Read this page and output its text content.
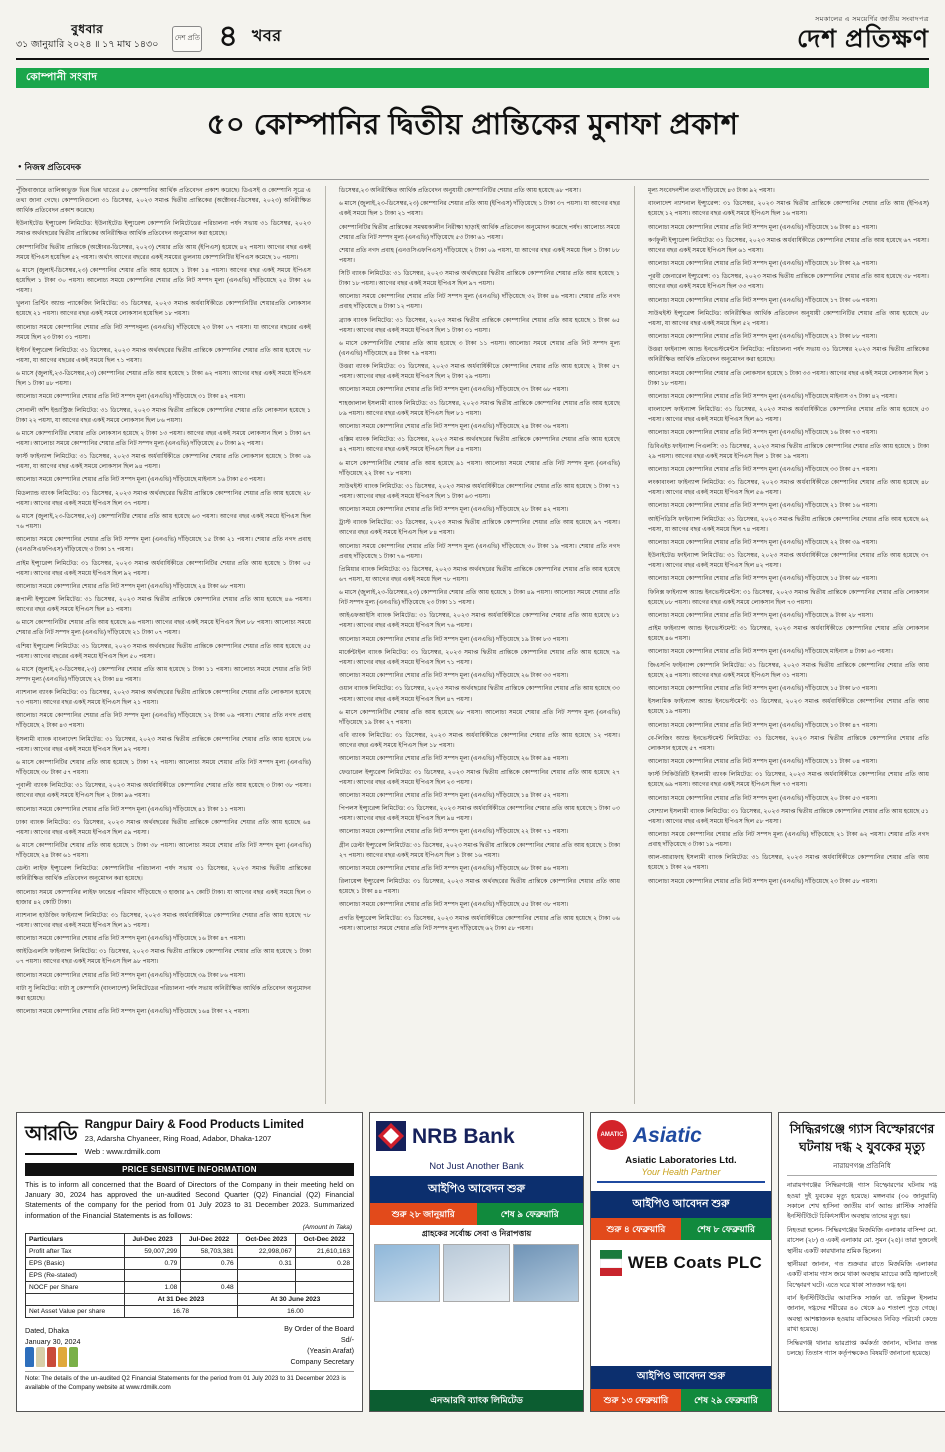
বুধবার
৩১ জানুয়ারি ২০২৪ ॥ ১৭ মাঘ ১৪৩০
দেশ প্রতি ৪ খবর
সমকালের এ সময়ের্ণির জাতীয় সংবাদপত্র
দেশ প্রতিক্ষণ
কোম্পানী সংবাদ
৫০ কোম্পানির দ্বিতীয় প্রান্তিকের মুনাফা প্রকাশ
● নিজস্ব প্রতিবেদক

পুঁজিবাজারে তালিকাভুক্ত ভিন্ন ভিন্ন খাতের ৫০ কোম্পানির আর্থিক প্রতিবেদন প্রকাশ করেছে। ডিএসই ও কোম্পানি সূত্রে এ তথ্য জানা গেছে। কোম্পানিগুলো ৩১ ডিসেম্বর, ২০২৩ সমাপ্ত দ্বিতীয় প্রান্তিকের (অক্টোবর-ডিসেম্বর, ২০২৩) অনিরীক্ষিত আর্থিক প্রতিবেদন প্রকাশ করেছে।

ইউনাইটেড ইন্স্যুরেন্স লিমিটেড: ইউনাইটেড ইন্স্যুরেন্স কোম্পানি লিমিটেডের পরিচালনা পর্ষদ সভায় ৩১ ডিসেম্বর, ২০২৩ সমাপ্ত অর্থবছরের দ্বিতীয় প্রান্তিকের অনিরীক্ষিত আর্থিক প্রতিবেদন অনুমোদন করা হয়েছে।

কোম্পানিটির দ্বিতীয় প্রান্তিকে (অক্টোবর-ডিসেম্বর, ২০২৩) শেয়ার প্রতি আয় (ইপিএস) হয়েছে ৪২ পয়সা। আগের বছর একই সময়ে ইপিএস হয়েছিল ৫২ পয়সা। অর্থাৎ আগের বছরের একই সময়ের তুলনায় কোম্পানিটির ইপিএস কমেছে ১০ পয়সা।

৬ মাসে (জুলাই-ডিসেম্বর,২৩) কোম্পানির শেয়ার প্রতি আয় হয়েছে ১ টাকা ১৪ পয়সা। আগের বছর একই সময়ে ইপিএস হয়েছিল ১ টাকা ৩০ পয়সা। আলোচ্য সময়ে কোম্পানির শেয়ার প্রতি নিট সম্পদ মূল্য (এনএভি) দাঁড়িয়েছে ২৫ টাকা ২৬ পয়সা।

খুলনা প্রিন্টিং অ্যান্ড প্যাকেজিং লিমিটেড: ৩১ ডিসেম্বর, ২০২৩ সমাপ্ত অর্ধবার্ষিকীতে কোম্পানিটির শেয়ারপ্রতি লোকসান হয়েছে ২১ পয়সা। আগের বছর একই সময়ে লোকসান হয়েছিল ১৮ পয়সা।

আলোচ্য সময়ে কোম্পানির শেয়ার প্রতি নিট সম্পদমূল্য (এনএভি) দাঁড়িয়েছে ২৩ টাকা ০৭ পয়সা। যা আগের বছরের একই সময়ে ছিল ২৩ টাকা ৩১ পয়সা।

ইস্টার্ন ইন্স্যুরেন্স লিমিটেড: ৩১ ডিসেম্বর, ২০২৩ সমাপ্ত অর্থবছরের দ্বিতীয় প্রান্তিকে কোম্পানির শেয়ার প্রতি আয় হয়েছে ৭৮ পয়সা, যা আগের বছরের একই সময়ে ছিল ৭১ পয়সা।

৬ মাসে (জুলাই,২৩-ডিসেম্বর,২৩) কোম্পানির শেয়ার প্রতি আয় হয়েছে ১ টাকা ৬২ পয়সা। আগের বছর একই সময়ে ইপিএস ছিল ১ টাকা ৪৮ পয়সা।

আলোচ্য সময়ে কোম্পানির শেয়ার প্রতি নিট সম্পদ মূল্য (এনএভি) দাঁড়িয়েছে ৩১ টাকা ৪২ পয়সা।

সোনালী আঁশ ইন্ডাস্ট্রিজ লিমিটেড: ৩১ ডিসেম্বর, ২০২৩ সমাপ্ত দ্বিতীয় প্রান্তিকে কোম্পানির শেয়ার প্রতি লোকসান হয়েছে ১ টাকা ২২ পয়সা, যা আগের বছর একই সময়ে লোকসান ছিল ৮৬ পয়সা।

৬ মাসে কোম্পানিটির শেয়ার প্রতি লোকসান হয়েছে ২ টাকা ১৩ পয়সা। আগের বছর একই সময়ে লোকসান ছিল ১ টাকা ৬৭ পয়সা। আলোচ্য সময়ে কোম্পানির শেয়ার প্রতি নিট সম্পদ মূল্য (এনএভি) দাঁড়িয়েছে ৫০ টাকা ৯২ পয়সা।

ফার্স্ট ফাইন্যান্স লিমিটেড: ৩১ ডিসেম্বর, ২০২৩ সমাপ্ত অর্ধবার্ষিকীতে কোম্পানির শেয়ার প্রতি লোকসান হয়েছে ১ টাকা ০৯ পয়সা, যা আগের বছর একই সময়ে লোকসান ছিল ৯৪ পয়সা।

আলোচ্য সময়ে কোম্পানির শেয়ার প্রতি নিট সম্পদ মূল্য (এনএভি) দাঁড়িয়েছে মাইনাস ১৬ টাকা ৫৩ পয়সা।

মিডল্যান্ড ব্যাংক লিমিটেড: ৩১ ডিসেম্বর, ২০২৩ সমাপ্ত অর্থবছরের দ্বিতীয় প্রান্তিকে কোম্পানির শেয়ার প্রতি আয় হয়েছে ২৮ পয়সা। আগের বছর একই সময়ে ইপিএস ছিল ৩৭ পয়সা।

৬ মাসে (জুলাই,২৩-ডিসেম্বর,২৩) কোম্পানিটির শেয়ার প্রতি আয় হয়েছে ৬৩ পয়সা। আগের বছর একই সময়ে ইপিএস ছিল ৭৬ পয়সা।

আলোচ্য সময়ে কোম্পানির শেয়ার প্রতি নিট সম্পদ মূল্য (এনএভি) দাঁড়িয়েছে ১৫ টাকা ২১ পয়সা। শেয়ার প্রতি নগদ প্রবাহ (এনওসিএফপিএস) দাঁড়িয়েছে ৩ টাকা ১৭ পয়সা।

প্রাইম ইন্স্যুরেন্স লিমিটেড: ৩১ ডিসেম্বর, ২০২৩ সমাপ্ত অর্ধবার্ষিকীতে কোম্পানিটির শেয়ার প্রতি আয় হয়েছে ১ টাকা ০৫ পয়সা। আগের বছর একই সময়ে ইপিএস ছিল ৯২ পয়সা।

আলোচ্য সময়ে কোম্পানির শেয়ার প্রতি নিট সম্পদ মূল্য (এনএভি) দাঁড়িয়েছে ২৪ টাকা ৬৮ পয়সা।

রূপালী ইন্স্যুরেন্স লিমিটেড: ৩১ ডিসেম্বর, ২০২৩ সমাপ্ত দ্বিতীয় প্রান্তিকে কোম্পানির শেয়ার প্রতি আয় হয়েছে ৪৬ পয়সা। আগের বছর একই সময়ে ইপিএস ছিল ৪১ পয়সা।

৬ মাসে কোম্পানিটির শেয়ার প্রতি আয় হয়েছে ৯৬ পয়সা। আগের বছর একই সময়ে ইপিএস ছিল ৮৮ পয়সা। আলোচ্য সময়ে শেয়ার প্রতি নিট সম্পদ মূল্য (এনএভি) দাঁড়িয়েছে ২১ টাকা ০৭ পয়সা।

এশিয়া ইন্স্যুরেন্স লিমিটেড: ৩১ ডিসেম্বর, ২০২৩ সমাপ্ত অর্থবছরের দ্বিতীয় প্রান্তিকে কোম্পানির শেয়ার প্রতি আয় হয়েছে ৫৫ পয়সা। আগের বছরের একই সময়ে ইপিএস ছিল ৫০ পয়সা।

৬ মাসে (জুলাই,২৩-ডিসেম্বর,২৩) কোম্পানির শেয়ার প্রতি আয় হয়েছে ১ টাকা ১১ পয়সা। আলোচ্য সময়ে শেয়ার প্রতি নিট সম্পদ মূল্য (এনএভি) দাঁড়িয়েছে ২২ টাকা ৪৪ পয়সা।

ন্যাশনাল ব্যাংক লিমিটেড: ৩১ ডিসেম্বর, ২০২৩ সমাপ্ত অর্থবছরের দ্বিতীয় প্রান্তিকে কোম্পানির শেয়ার প্রতি লোকসান হয়েছে ৭৩ পয়সা। আগের বছর একই সময়ে ইপিএস ছিল ২১ পয়সা।

আলোচ্য সময়ে কোম্পানির শেয়ার প্রতি নিট সম্পদ মূল্য (এনএভি) দাঁড়িয়েছে ১২ টাকা ০৯ পয়সা। শেয়ার প্রতি নগদ প্রবাহ দাঁড়িয়েছে ২ টাকা ৪৩ পয়সা।

ইসলামী ব্যাংক বাংলাদেশ লিমিটেড: ৩১ ডিসেম্বর, ২০২৩ সমাপ্ত দ্বিতীয় প্রান্তিকে কোম্পানির শেয়ার প্রতি আয় হয়েছে ৮৬ পয়সা। আগের বছর একই সময়ে ইপিএস ছিল ৯২ পয়সা।

৬ মাসে কোম্পানিটির শেয়ার প্রতি আয় হয়েছে ১ টাকা ৭২ পয়সা। আলোচ্য সময়ে শেয়ার প্রতি নিট সম্পদ মূল্য (এনএভি) দাঁড়িয়েছে ৩৮ টাকা ৫৭ পয়সা।

পূবালী ব্যাংক লিমিটেড: ৩১ ডিসেম্বর, ২০২৩ সমাপ্ত অর্ধবার্ষিকীতে কোম্পানির শেয়ার প্রতি আয় হয়েছে ৩ টাকা ৩৮ পয়সা। আগের বছর একই সময়ে ইপিএস ছিল ২ টাকা ৯৬ পয়সা।

আলোচ্য সময়ে কোম্পানির শেয়ার প্রতি নিট সম্পদ মূল্য (এনএভি) দাঁড়িয়েছে ৪১ টাকা ১১ পয়সা।

ঢাকা ব্যাংক লিমিটেড: ৩১ ডিসেম্বর, ২০২৩ সমাপ্ত অর্থবছরের দ্বিতীয় প্রান্তিকে কোম্পানির শেয়ার প্রতি আয় হয়েছে ৬৪ পয়সা। আগের বছর একই সময়ে ইপিএস ছিল ৫৯ পয়সা।

৬ মাসে কোম্পানিটির শেয়ার প্রতি আয় হয়েছে ১ টাকা ৩৮ পয়সা। আলোচ্য সময়ে শেয়ার প্রতি নিট সম্পদ মূল্য (এনএভি) দাঁড়িয়েছে ২৪ টাকা ৬১ পয়সা।

ডেল্টা লাইফ ইন্স্যুরেন্স লিমিটেড: কোম্পানিটির পরিচালনা পর্ষদ সভায় ৩১ ডিসেম্বর, ২০২৩ সমাপ্ত দ্বিতীয় প্রান্তিকের অনিরীক্ষিত আর্থিক প্রতিবেদন অনুমোদন করা হয়েছে।

আলোচ্য সময়ে কোম্পানির লাইফ ফান্ডের পরিমাণ দাঁড়িয়েছে ৩ হাজার ৯৭ কোটি টাকা। যা আগের বছর একই সময়ে ছিল ৩ হাজার ৪২ কোটি টাকা।

ন্যাশনাল হাউজিং ফাইন্যান্স লিমিটেড: ৩১ ডিসেম্বর, ২০২৩ সমাপ্ত অর্ধবার্ষিকীতে কোম্পানির শেয়ার প্রতি আয় হয়েছে ৭৮ পয়সা। আগের বছর একই সময়ে ইপিএস ছিল ৯১ পয়সা।

আলোচ্য সময়ে কোম্পানির শেয়ার প্রতি নিট সম্পদ মূল্য (এনএভি) দাঁড়িয়েছে ১৬ টাকা ৪৭ পয়সা।

আইডিএলসি ফাইন্যান্স লিমিটেড: ৩১ ডিসেম্বর, ২০২৩ সমাপ্ত দ্বিতীয় প্রান্তিকে কোম্পানির শেয়ার প্রতি আয় হয়েছে ১ টাকা ০৭ পয়সা। আগের বছর একই সময়ে ইপিএস ছিল ৯৮ পয়সা।

আলোচ্য সময়ে কোম্পানির শেয়ার প্রতি নিট সম্পদ মূল্য (এনএভি) দাঁড়িয়েছে ৩৯ টাকা ৮৬ পয়সা।

বাটা সু লিমিটেড: বাটা সু কোম্পানি (বাংলাদেশ) লিমিটেডের পরিচালনা পর্ষদ সভায় অনিরীক্ষিত আর্থিক প্রতিবেদন অনুমোদন করা হয়েছে।

আলোচ্য সময়ে কোম্পানির শেয়ার প্রতি নিট সম্পদ মূল্য (এনএভি) দাঁড়িয়েছে ১৬৪ টাকা ৭২ পয়সা।

ডিসেম্বর,২৩ অনিরীক্ষিত আর্থিক প্রতিবেদন অনুযায়ী কোম্পানিটির শেয়ার প্রতি আয় হয়েছে ৬৮ পয়সা।

৬ মাসে (জুলাই,২৩-ডিসেম্বর,২৩) কোম্পানির শেয়ার প্রতি আয় (ইপিএস) দাঁড়িয়েছে ১ টাকা ৩৭ পয়সা। যা আগের বছর একই সময়ে ছিল ১ টাকা ২১ পয়সা।

কোম্পানিটির দ্বিতীয় প্রান্তিকের সমন্বয়কালীন নিরীক্ষা ছাড়াই আর্থিক প্রতিবেদন অনুমোদন করেছে পর্ষদ। আলোচ্য সময়ে শেয়ার প্রতি নিট সম্পদ মূল্য (এনএভি) দাঁড়িয়েছে ৫৩ টাকা ৬১ পয়সা।

শেয়ার প্রতি নগদ প্রবাহ (এনওসিএফপিএস) দাঁড়িয়েছে ২ টাকা ০৯ পয়সা, যা আগের বছর একই সময়ে ছিল ১ টাকা ৮৮ পয়সা।

সিটি ব্যাংক লিমিটেড: ৩১ ডিসেম্বর, ২০২৩ সমাপ্ত অর্থবছরের দ্বিতীয় প্রান্তিকে কোম্পানির শেয়ার প্রতি আয় হয়েছে ১ টাকা ১৮ পয়সা। আগের বছর একই সময়ে ইপিএস ছিল ৯৭ পয়সা।

আলোচ্য সময়ে কোম্পানির শেয়ার প্রতি নিট সম্পদ মূল্য (এনএভি) দাঁড়িয়েছে ৩২ টাকা ৪৬ পয়সা। শেয়ার প্রতি নগদ প্রবাহ দাঁড়িয়েছে ৪ টাকা ১২ পয়সা।

ব্র্যাক ব্যাংক লিমিটেড: ৩১ ডিসেম্বর, ২০২৩ সমাপ্ত দ্বিতীয় প্রান্তিকে কোম্পানির শেয়ার প্রতি আয় হয়েছে ১ টাকা ৬৫ পয়সা। আগের বছর একই সময়ে ইপিএস ছিল ১ টাকা ৩১ পয়সা।

৬ মাসে কোম্পানিটির শেয়ার প্রতি আয় হয়েছে ৩ টাকা ১১ পয়সা। আলোচ্য সময়ে শেয়ার প্রতি নিট সম্পদ মূল্য (এনএভি) দাঁড়িয়েছে ৪৪ টাকা ৭৯ পয়সা।

উত্তরা ব্যাংক লিমিটেড: ৩১ ডিসেম্বর, ২০২৩ সমাপ্ত অর্ধবার্ষিকীতে কোম্পানির শেয়ার প্রতি আয় হয়েছে ২ টাকা ৫৭ পয়সা। আগের বছর একই সময়ে ইপিএস ছিল ২ টাকা ২৯ পয়সা।

আলোচ্য সময়ে কোম্পানির শেয়ার প্রতি নিট সম্পদ মূল্য (এনএভি) দাঁড়িয়েছে ৩৭ টাকা ৬৮ পয়সা।

শাহজালাল ইসলামী ব্যাংক লিমিটেড: ৩১ ডিসেম্বর, ২০২৩ সমাপ্ত দ্বিতীয় প্রান্তিকে কোম্পানির শেয়ার প্রতি আয় হয়েছে ৮৯ পয়সা। আগের বছর একই সময়ে ইপিএস ছিল ৮১ পয়সা।

আলোচ্য সময়ে কোম্পানির শেয়ার প্রতি নিট সম্পদ মূল্য (এনএভি) দাঁড়িয়েছে ২৪ টাকা ৩৬ পয়সা।

এক্সিম ব্যাংক লিমিটেড: ৩১ ডিসেম্বর, ২০২৩ সমাপ্ত অর্থবছরের দ্বিতীয় প্রান্তিকে কোম্পানির শেয়ার প্রতি আয় হয়েছে ৪২ পয়সা। আগের বছর একই সময়ে ইপিএস ছিল ৫৪ পয়সা।

৬ মাসে কোম্পানিটির শেয়ার প্রতি আয় হয়েছে ৯১ পয়সা। আলোচ্য সময়ে শেয়ার প্রতি নিট সম্পদ মূল্য (এনএভি) দাঁড়িয়েছে ২২ টাকা ৭৮ পয়সা।

সাউথইস্ট ব্যাংক লিমিটেড: ৩১ ডিসেম্বর, ২০২৩ সমাপ্ত অর্ধবার্ষিকীতে কোম্পানির শেয়ার প্রতি আয় হয়েছে ১ টাকা ৭১ পয়সা। আগের বছর একই সময়ে ইপিএস ছিল ১ টাকা ৬৩ পয়সা।

আলোচ্য সময়ে কোম্পানির শেয়ার প্রতি নিট সম্পদ মূল্য (এনএভি) দাঁড়িয়েছে ২৮ টাকা ৪২ পয়সা।

ট্রাস্ট ব্যাংক লিমিটেড: ৩১ ডিসেম্বর, ২০২৩ সমাপ্ত দ্বিতীয় প্রান্তিকে কোম্পানির শেয়ার প্রতি আয় হয়েছে ৯৭ পয়সা। আগের বছর একই সময়ে ইপিএস ছিল ৮৪ পয়সা।

আলোচ্য সময়ে কোম্পানির শেয়ার প্রতি নিট সম্পদ মূল্য (এনএভি) দাঁড়িয়েছে ৩০ টাকা ১৯ পয়সা। শেয়ার প্রতি নগদ প্রবাহ দাঁড়িয়েছে ১ টাকা ৭৬ পয়সা।

প্রিমিয়ার ব্যাংক লিমিটেড: ৩১ ডিসেম্বর, ২০২৩ সমাপ্ত অর্থবছরের দ্বিতীয় প্রান্তিকে কোম্পানির শেয়ার প্রতি আয় হয়েছে ৬৭ পয়সা, যা আগের বছর একই সময়ে ছিল ৭৮ পয়সা।

৬ মাসে (জুলাই,২৩-ডিসেম্বর,২৩) কোম্পানির শেয়ার প্রতি আয় হয়েছে ১ টাকা ৪৯ পয়সা। আলোচ্য সময়ে শেয়ার প্রতি নিট সম্পদ মূল্য (এনএভি) দাঁড়িয়েছে ২৩ টাকা ১১ পয়সা।

আইএফআইসি ব্যাংক লিমিটেড: ৩১ ডিসেম্বর, ২০২৩ সমাপ্ত অর্ধবার্ষিকীতে কোম্পানির শেয়ার প্রতি আয় হয়েছে ৮১ পয়সা। আগের বছর একই সময়ে ইপিএস ছিল ৭৬ পয়সা।

আলোচ্য সময়ে কোম্পানির শেয়ার প্রতি নিট সম্পদ মূল্য (এনএভি) দাঁড়িয়েছে ১৯ টাকা ৮৩ পয়সা।

মার্কেন্টাইল ব্যাংক লিমিটেড: ৩১ ডিসেম্বর, ২০২৩ সমাপ্ত দ্বিতীয় প্রান্তিকে কোম্পানির শেয়ার প্রতি আয় হয়েছে ৭৯ পয়সা। আগের বছর একই সময়ে ইপিএস ছিল ৭১ পয়সা।

আলোচ্য সময়ে কোম্পানির শেয়ার প্রতি নিট সম্পদ মূল্য (এনএভি) দাঁড়িয়েছে ২৬ টাকা ৩৩ পয়সা।

ওয়ান ব্যাংক লিমিটেড: ৩১ ডিসেম্বর, ২০২৩ সমাপ্ত অর্থবছরের দ্বিতীয় প্রান্তিকে কোম্পানির শেয়ার প্রতি আয় হয়েছে ৩৩ পয়সা। আগের বছর একই সময়ে ইপিএস ছিল ৪৭ পয়সা।

৬ মাসে কোম্পানিটির শেয়ার প্রতি আয় হয়েছে ৬৮ পয়সা। আলোচ্য সময়ে শেয়ার প্রতি নিট সম্পদ মূল্য (এনএভি) দাঁড়িয়েছে ১৯ টাকা ২৭ পয়সা।

এবি ব্যাংক লিমিটেড: ৩১ ডিসেম্বর, ২০২৩ সমাপ্ত অর্ধবার্ষিকীতে কোম্পানির শেয়ার প্রতি আয় হয়েছে ১২ পয়সা। আগের বছর একই সময়ে ইপিএস ছিল ১৮ পয়সা।

আলোচ্য সময়ে কোম্পানির শেয়ার প্রতি নিট সম্পদ মূল্য (এনএভি) দাঁড়িয়েছে ২৬ টাকা ৯৪ পয়সা।

ফেডারেল ইন্স্যুরেন্স লিমিটেড: ৩১ ডিসেম্বর, ২০২৩ সমাপ্ত দ্বিতীয় প্রান্তিকে কোম্পানির শেয়ার প্রতি আয় হয়েছে ২৭ পয়সা। আগের বছর একই সময়ে ইপিএস ছিল ২৩ পয়সা।

আলোচ্য সময়ে কোম্পানির শেয়ার প্রতি নিট সম্পদ মূল্য (এনএভি) দাঁড়িয়েছে ১৪ টাকা ৫২ পয়সা।

পিপলস ইন্স্যুরেন্স লিমিটেড: ৩১ ডিসেম্বর, ২০২৩ সমাপ্ত অর্ধবার্ষিকীতে কোম্পানির শেয়ার প্রতি আয় হয়েছে ১ টাকা ০৩ পয়সা। আগের বছর একই সময়ে ইপিএস ছিল ৯৪ পয়সা।

আলোচ্য সময়ে কোম্পানির শেয়ার প্রতি নিট সম্পদ মূল্য (এনএভি) দাঁড়িয়েছে ২২ টাকা ৭১ পয়সা।

গ্রীন ডেল্টা ইন্স্যুরেন্স লিমিটেড: ৩১ ডিসেম্বর, ২০২৩ সমাপ্ত দ্বিতীয় প্রান্তিকে কোম্পানির শেয়ার প্রতি আয় হয়েছে ১ টাকা ২৭ পয়সা। আগের বছর একই সময়ে ইপিএস ছিল ১ টাকা ১৬ পয়সা।

আলোচ্য সময়ে কোম্পানির শেয়ার প্রতি নিট সম্পদ মূল্য (এনএভি) দাঁড়িয়েছে ৬৮ টাকা ৪৬ পয়সা।

রিলায়েন্স ইন্স্যুরেন্স লিমিটেড: ৩১ ডিসেম্বর, ২০২৩ সমাপ্ত অর্থবছরের দ্বিতীয় প্রান্তিকে কোম্পানির শেয়ার প্রতি আয় হয়েছে ১ টাকা ৪৪ পয়সা।

আলোচ্য সময়ে কোম্পানির শেয়ার প্রতি নিট সম্পদ মূল্য (এনএভি) দাঁড়িয়েছে ৫৫ টাকা ৩৮ পয়সা।

প্রগতি ইন্স্যুরেন্স লিমিটেড: ৩১ ডিসেম্বর, ২০২৩ সমাপ্ত অর্ধবার্ষিকীতে কোম্পানির শেয়ার প্রতি আয় হয়েছে ২ টাকা ০৬ পয়সা। আলোচ্য সময়ে শেয়ার প্রতি নিট সম্পদ মূল্য দাঁড়িয়েছে ৬২ টাকা ৫৮ পয়সা।

মূল্য সংবেদনশীল তথ্য দাঁড়িয়েছে ৪৩ টাকা ৯২ পয়সা।

বাংলাদেশ ন্যাশনাল ইন্স্যুরেন্স: ৩১ ডিসেম্বর, ২০২৩ সমাপ্ত দ্বিতীয় প্রান্তিকে কোম্পানির শেয়ার প্রতি আয় (ইপিএস) হয়েছে ১২ পয়সা। আগের বছর একই সময়ে ইপিএস ছিল ১৬ পয়সা।

আলোচ্য সময়ে কোম্পানির শেয়ার প্রতি নিট সম্পদ মূল্য (এনএভি) দাঁড়িয়েছে ১৬ টাকা ৪১ পয়সা।

কর্ণফুলী ইন্স্যুরেন্স লিমিটেড: ৩১ ডিসেম্বর, ২০২৩ সমাপ্ত অর্ধবার্ষিকীতে কোম্পানির শেয়ার প্রতি আয় হয়েছে ৬৭ পয়সা। আগের বছর একই সময়ে ইপিএস ছিল ৬১ পয়সা।

আলোচ্য সময়ে কোম্পানির শেয়ার প্রতি নিট সম্পদ মূল্য (এনএভি) দাঁড়িয়েছে ১৮ টাকা ২৯ পয়সা।

পূরবী জেনারেল ইন্স্যুরেন্স: ৩১ ডিসেম্বর, ২০২৩ সমাপ্ত দ্বিতীয় প্রান্তিকে কোম্পানির শেয়ার প্রতি আয় হয়েছে ৩৮ পয়সা। আগের বছর একই সময়ে ইপিএস ছিল ৩৩ পয়সা।

আলোচ্য সময়ে কোম্পানির শেয়ার প্রতি নিট সম্পদ মূল্য (এনএভি) দাঁড়িয়েছে ১৭ টাকা ০৬ পয়সা।

সাউথইস্ট ইন্স্যুরেন্স লিমিটেড: অনিরীক্ষিত আর্থিক প্রতিবেদন অনুযায়ী কোম্পানিটির শেয়ার প্রতি আয় হয়েছে ৫৮ পয়সা, যা আগের বছর একই সময়ে ছিল ৫২ পয়সা।

আলোচ্য সময়ে কোম্পানির শেয়ার প্রতি নিট সম্পদ মূল্য (এনএভি) দাঁড়িয়েছে ২১ টাকা ৮৮ পয়সা।

উত্তরা ফাইন্যান্স অ্যান্ড ইনভেস্টমেন্টস লিমিটেড: পরিচালনা পর্ষদ সভায় ৩১ ডিসেম্বর ২০২৩ সমাপ্ত দ্বিতীয় প্রান্তিকের অনিরীক্ষিত আর্থিক প্রতিবেদন অনুমোদন করা হয়েছে।

আলোচ্য সময়ে কোম্পানির শেয়ার প্রতি লোকসান হয়েছে ১ টাকা ৩৩ পয়সা। আগের বছর একই সময়ে লোকসান ছিল ১ টাকা ১৮ পয়সা।

আলোচ্য সময়ে কোম্পানির শেয়ার প্রতি নিট সম্পদ মূল্য (এনএভি) দাঁড়িয়েছে মাইনাস ৩৭ টাকা ৪২ পয়সা।

বাংলাদেশ ফাইন্যান্স লিমিটেড: ৩১ ডিসেম্বর, ২০২৩ সমাপ্ত অর্ধবার্ষিকীতে কোম্পানির শেয়ার প্রতি আয় হয়েছে ৫৩ পয়সা। আগের বছর একই সময়ে ইপিএস ছিল ৬১ পয়সা।

আলোচ্য সময়ে কোম্পানির শেয়ার প্রতি নিট সম্পদ মূল্য (এনএভি) দাঁড়িয়েছে ১৬ টাকা ৭৩ পয়সা।

ডিবিএইচ ফাইন্যান্স পিএলসি: ৩১ ডিসেম্বর, ২০২৩ সমাপ্ত দ্বিতীয় প্রান্তিকে কোম্পানির শেয়ার প্রতি আয় হয়েছে ১ টাকা ২৯ পয়সা। আগের বছর একই সময়ে ইপিএস ছিল ১ টাকা ১৯ পয়সা।

আলোচ্য সময়ে কোম্পানির শেয়ার প্রতি নিট সম্পদ মূল্য (এনএভি) দাঁড়িয়েছে ৩৩ টাকা ৫৭ পয়সা।

লংকাবাংলা ফাইন্যান্স লিমিটেড: ৩১ ডিসেম্বর, ২০২৩ সমাপ্ত অর্ধবার্ষিকীতে কোম্পানির শেয়ার প্রতি আয় হয়েছে ৪৮ পয়সা। আগের বছর একই সময়ে ইপিএস ছিল ৫৬ পয়সা।

আলোচ্য সময়ে কোম্পানির শেয়ার প্রতি নিট সম্পদ মূল্য (এনএভি) দাঁড়িয়েছে ২১ টাকা ১৬ পয়সা।

আইপিডিসি ফাইন্যান্স লিমিটেড: ৩১ ডিসেম্বর, ২০২৩ সমাপ্ত দ্বিতীয় প্রান্তিকে কোম্পানির শেয়ার প্রতি আয় হয়েছে ৬২ পয়সা, যা আগের বছর একই সময়ে ছিল ৭৪ পয়সা।

আলোচ্য সময়ে কোম্পানির শেয়ার প্রতি নিট সম্পদ মূল্য (এনএভি) দাঁড়িয়েছে ২২ টাকা ৩৯ পয়সা।

ইউনাইটেড ফাইন্যান্স লিমিটেড: ৩১ ডিসেম্বর, ২০২৩ সমাপ্ত অর্ধবার্ষিকীতে কোম্পানির শেয়ার প্রতি আয় হয়েছে ৩৭ পয়সা। আগের বছর একই সময়ে ইপিএস ছিল ৪২ পয়সা।

আলোচ্য সময়ে কোম্পানির শেয়ার প্রতি নিট সম্পদ মূল্য (এনএভি) দাঁড়িয়েছে ১৫ টাকা ৬৮ পয়সা।

ফিনিক্স ফাইন্যান্স অ্যান্ড ইনভেস্টমেন্টস: ৩১ ডিসেম্বর, ২০২৩ সমাপ্ত দ্বিতীয় প্রান্তিকে কোম্পানির শেয়ার প্রতি লোকসান হয়েছে ৮৮ পয়সা। আগের বছর একই সময়ে লোকসান ছিল ৭৩ পয়সা।

আলোচ্য সময়ে কোম্পানির শেয়ার প্রতি নিট সম্পদ মূল্য (এনএভি) দাঁড়িয়েছে ৯ টাকা ২৮ পয়সা।

প্রাইম ফাইন্যান্স অ্যান্ড ইনভেস্টমেন্ট: ৩১ ডিসেম্বর, ২০২৩ সমাপ্ত অর্ধবার্ষিকীতে কোম্পানির শেয়ার প্রতি লোকসান হয়েছে ৪৬ পয়সা।

আলোচ্য সময়ে কোম্পানির শেয়ার প্রতি নিট সম্পদ মূল্য (এনএভি) দাঁড়িয়েছে মাইনাস ৪ টাকা ৬৩ পয়সা।

জিএসপি ফাইন্যান্স কোম্পানি লিমিটেড: ৩১ ডিসেম্বর, ২০২৩ সমাপ্ত দ্বিতীয় প্রান্তিকে কোম্পানির শেয়ার প্রতি আয় হয়েছে ২৪ পয়সা। আগের বছর একই সময়ে ইপিএস ছিল ৩১ পয়সা।

আলোচ্য সময়ে কোম্পানির শেয়ার প্রতি নিট সম্পদ মূল্য (এনএভি) দাঁড়িয়েছে ১৫ টাকা ৮৩ পয়সা।

ইসলামিক ফাইন্যান্স অ্যান্ড ইনভেস্টমেন্ট: ৩১ ডিসেম্বর, ২০২৩ সমাপ্ত অর্ধবার্ষিকীতে কোম্পানির শেয়ার প্রতি আয় হয়েছে ১৯ পয়সা।

আলোচ্য সময়ে কোম্পানির শেয়ার প্রতি নিট সম্পদ মূল্য (এনএভি) দাঁড়িয়েছে ১৩ টাকা ৪৭ পয়সা।

বে-লিজিং অ্যান্ড ইনভেস্টমেন্ট লিমিটেড: ৩১ ডিসেম্বর, ২০২৩ সমাপ্ত দ্বিতীয় প্রান্তিকে কোম্পানির শেয়ার প্রতি লোকসান হয়েছে ৫৭ পয়সা।

আলোচ্য সময়ে কোম্পানির শেয়ার প্রতি নিট সম্পদ মূল্য (এনএভি) দাঁড়িয়েছে ১১ টাকা ০৪ পয়সা।

ফার্স্ট সিকিউরিটি ইসলামী ব্যাংক লিমিটেড: ৩১ ডিসেম্বর, ২০২৩ সমাপ্ত অর্ধবার্ষিকীতে কোম্পানির শেয়ার প্রতি আয় হয়েছে ৬৯ পয়সা। আগের বছর একই সময়ে ইপিএস ছিল ৭৩ পয়সা।

আলোচ্য সময়ে কোম্পানির শেয়ার প্রতি নিট সম্পদ মূল্য (এনএভি) দাঁড়িয়েছে ২০ টাকা ৫৩ পয়সা।

সোশ্যাল ইসলামী ব্যাংক লিমিটেড: ৩১ ডিসেম্বর, ২০২৩ সমাপ্ত দ্বিতীয় প্রান্তিকে কোম্পানির শেয়ার প্রতি আয় হয়েছে ৫১ পয়সা। আগের বছর একই সময়ে ইপিএস ছিল ৫৮ পয়সা।

আলোচ্য সময়ে কোম্পানির শেয়ার প্রতি নিট সম্পদ মূল্য (এনএভি) দাঁড়িয়েছে ২১ টাকা ৬২ পয়সা। শেয়ার প্রতি নগদ প্রবাহ দাঁড়িয়েছে ৩ টাকা ১৯ পয়সা।

আল-আরাফাহ ইসলামী ব্যাংক লিমিটেড: ৩১ ডিসেম্বর, ২০২৩ সমাপ্ত অর্ধবার্ষিকীতে কোম্পানির শেয়ার প্রতি আয় হয়েছে ১ টাকা ২৬ পয়সা।

আলোচ্য সময়ে কোম্পানির শেয়ার প্রতি নিট সম্পদ মূল্য (এনএভি) দাঁড়িয়েছে ২৩ টাকা ৫৮ পয়সা।

আরডি Rangpur Dairy & Food Products Limited
23, Adarsha Chyaneer, Ring Road, Adabor, Dhaka-1207
Web : www.rdmilk.com
PRICE SENSITIVE INFORMATION
This is to inform all concerned that the Board of Directors of the Company in their meeting held on January 30, 2024 has approved the un-audited Second Quarter (Q2) Financial (Q2) Financial Statements of the company for the period from 01 July 2023 to 31 December 2023. Summarized information of the Financial Statements is as follows:
(Amount in Taka)
Particulars	Jul-Dec 2023	Jul-Dec 2022	Oct-Dec 2023	Oct-Dec 2022
Profit after Tax	59,007,299	58,703,381	22,998,067	21,610,163
EPS (Basic)	0.79	0.76	0.31	0.28
EPS (Re-stated)				
NOCF per Share	1.08	0.48		
	At 31 Dec 2023		At 30 June 2023	
Net Asset Value per share	16.78		16.00	
Dated, Dhaka
January 30, 2024
By Order of the Board
Sd/-
(Yeasin Arafat)
Company Secretary
Note: The details of the un-audited Q2 Financial Statements for the period from 01 July 2023 to 31 December 2023 is available of the Company website at www.rdmilk.com
NRB Bank
Not Just Another Bank
আইপিও আবেদন শুরু
শুরু ২৮ জানুয়ারি	শেষ ৯ ফেব্রুয়ারি
গ্রাহকের সর্বোচ্চ সেবা ও নিরাপত্তায়
এনআরবি ব্যাংক লিমিটেড
AMATIC Asiatic
Asiatic Laboratories Ltd.
Your Health Partner
আইপিও আবেদন শুরু
শুরু ৪ ফেব্রুয়ারি	শেষ ৮ ফেব্রুয়ারি
WEB Coats PLC
আইপিও আবেদন শুরু
শুরু ১৩ ফেব্রুয়ারি	শেষ ২৯ ফেব্রুয়ারি
সিদ্ধিরগঞ্জে গ্যাস বিস্ফোরণের ঘটনায় দগ্ধ ২ যুবকের মৃত্যু
নারায়ণগঞ্জ প্রতিনিধি

নারায়ণগঞ্জের সিদ্ধিরগঞ্জে গ্যাস বিস্ফোরণের ঘটনায় দগ্ধ হওয়া দুই যুবকের মৃত্যু হয়েছে। মঙ্গলবার (৩০ জানুয়ারি) সকালে শেখ হাসিনা জাতীয় বার্ন অ্যান্ড প্লাস্টিক সার্জারি ইনস্টিটিউটে চিকিৎসাধীন অবস্থায় তাদের মৃত্যু হয়।

নিহতরা হলেন- সিদ্ধিরগঞ্জের মিজমিজি এলাকার বাসিন্দা মো. রাসেল (২৮) ও একই এলাকার মো. সুমন (২৫)। তারা দুজনেই স্থানীয় একটি কারখানার শ্রমিক ছিলেন।

স্থানীয়রা জানান, গত শুক্রবার রাতে মিজমিজি এলাকার একটি বাসায় গ্যাস জমে থাকা অবস্থায় ম্যাচের কাঠি জ্বালাতেই বিস্ফোরণ ঘটে। এতে ঘরে থাকা সাতজন দগ্ধ হন।

বার্ন ইনস্টিটিউটের আবাসিক সার্জন ডা. তরিকুল ইসলাম জানান, দগ্ধদের শরীরের ৪০ থেকে ৯০ শতাংশ পুড়ে গেছে। অবস্থা আশঙ্কাজনক হওয়ায় বাকিদেরও নিবিড় পরিচর্যা কেন্দ্রে রাখা হয়েছে।

সিদ্ধিরগঞ্জ থানার ভারপ্রাপ্ত কর্মকর্তা জানান, ঘটনার তদন্ত চলছে। তিতাস গ্যাস কর্তৃপক্ষকেও বিষয়টি জানানো হয়েছে।
